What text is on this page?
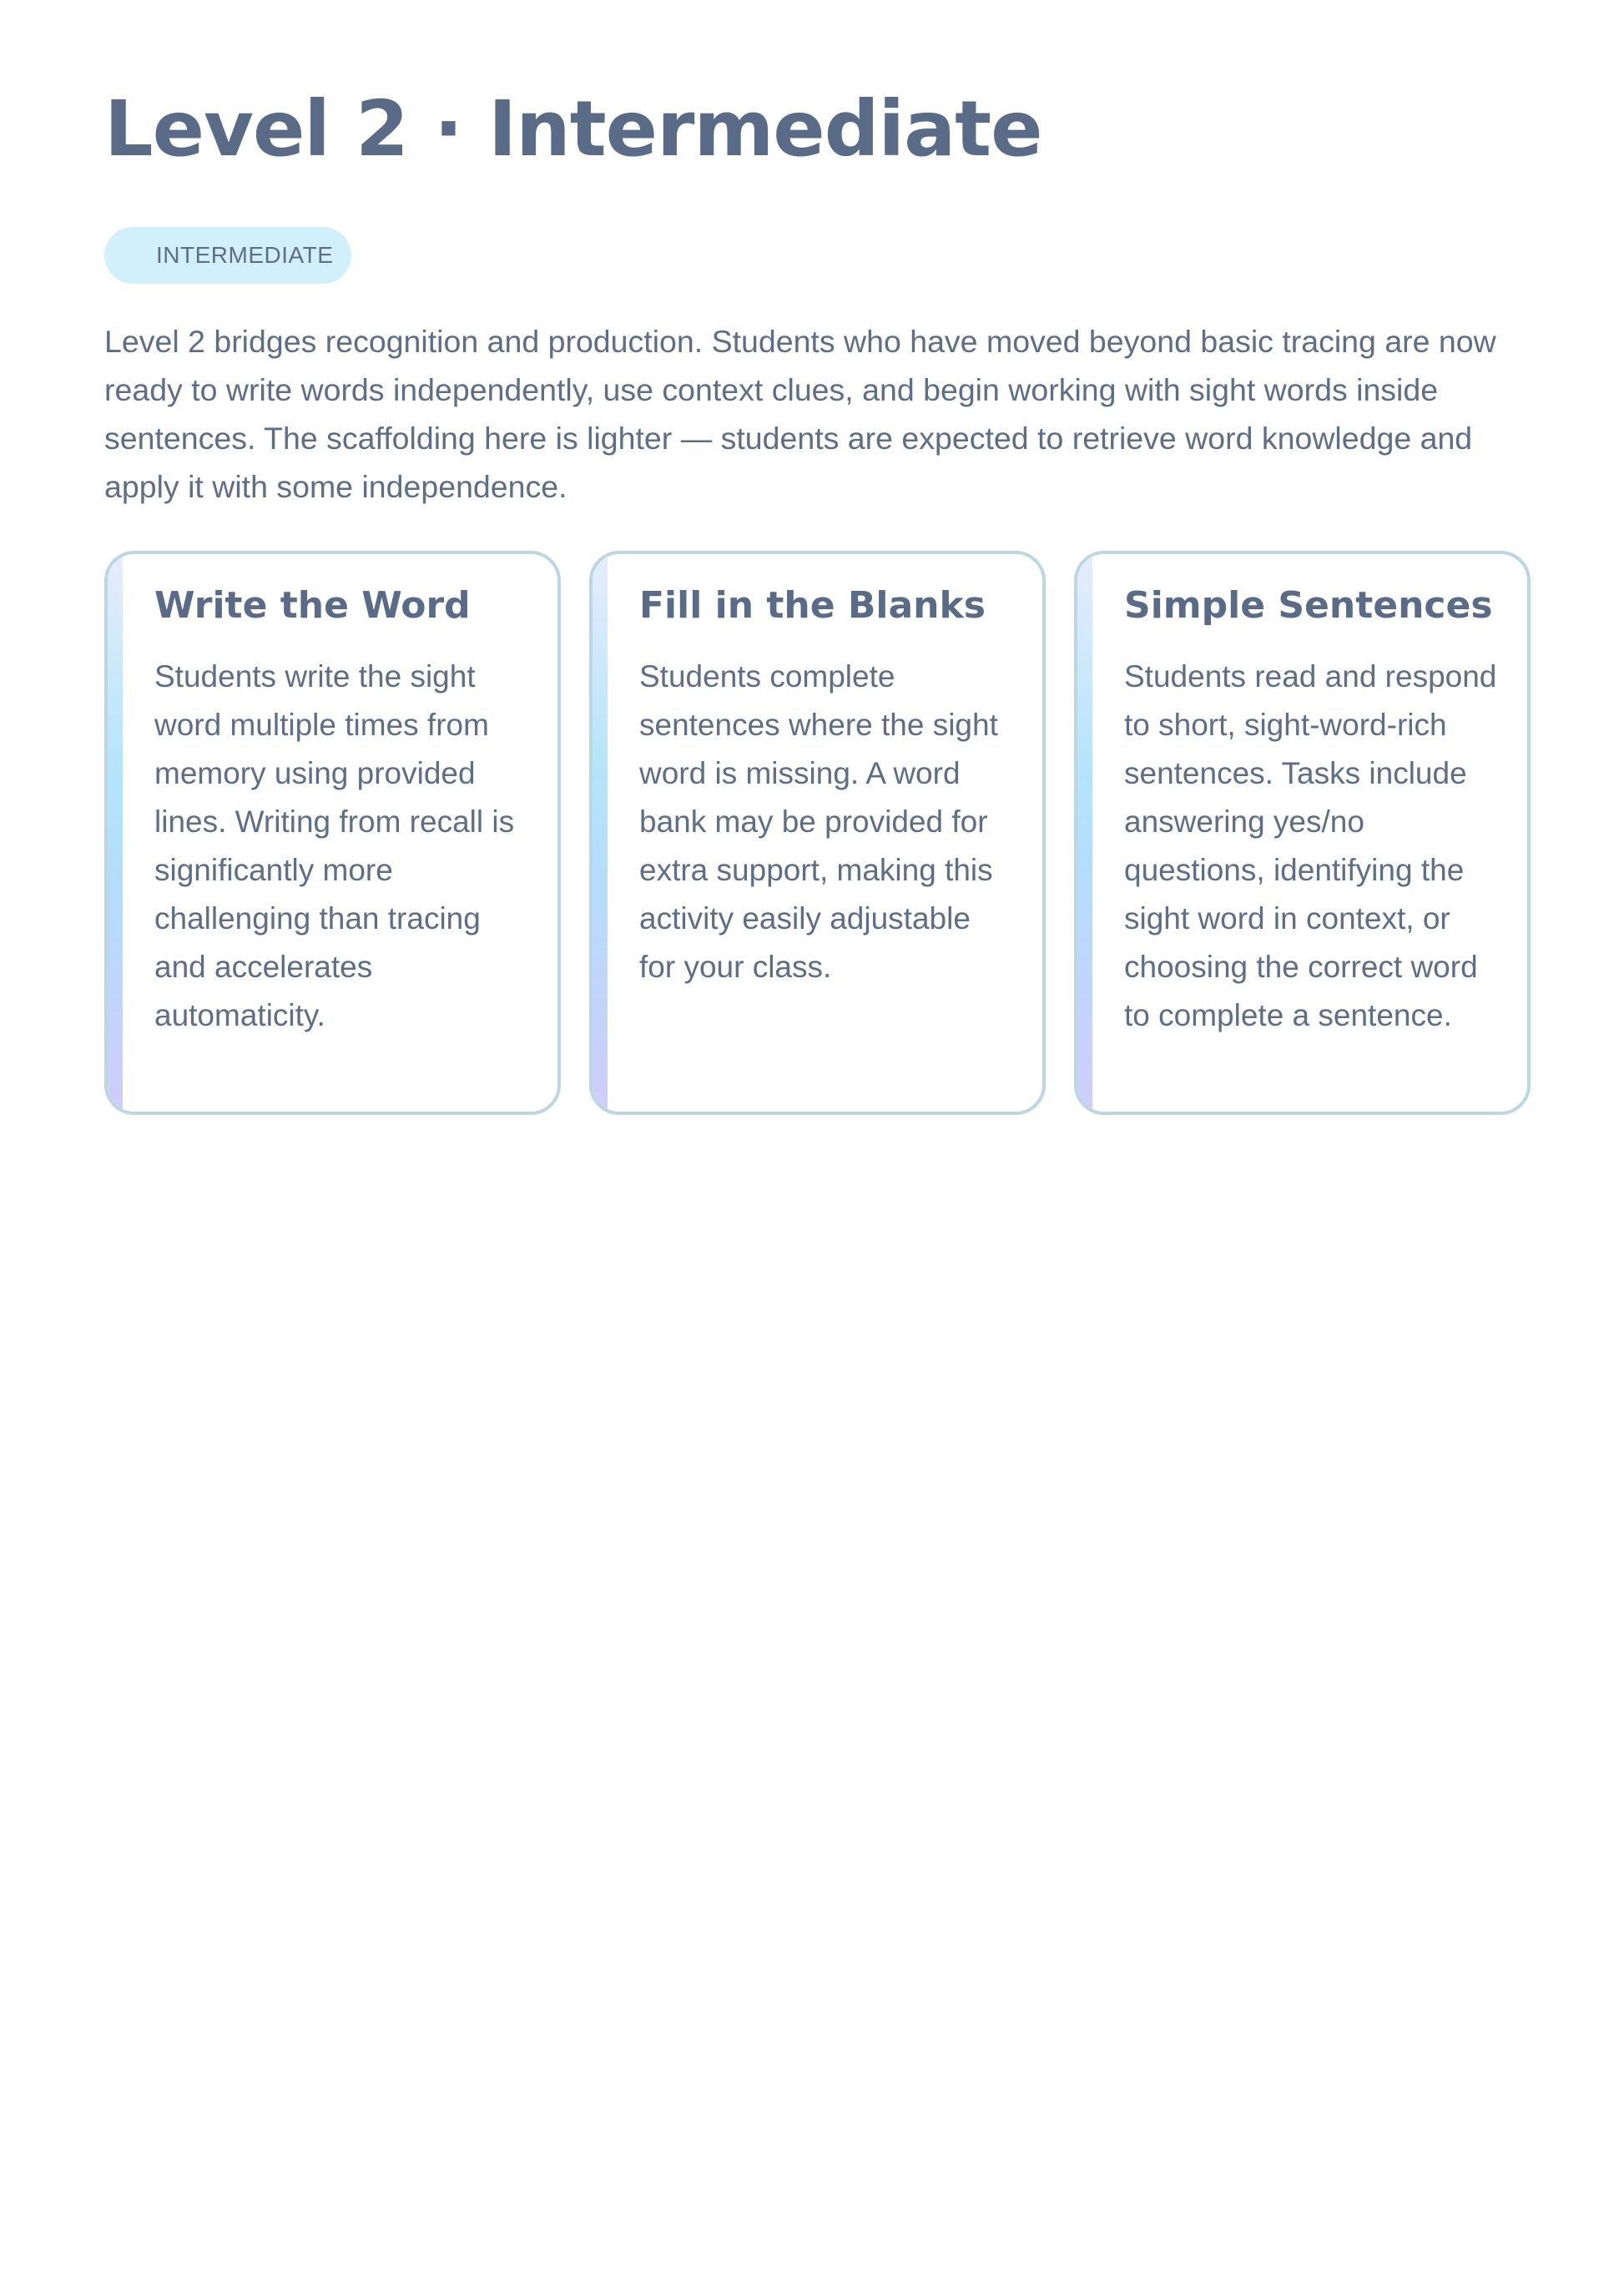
Level 2 · Intermediate
INTERMEDIATE

Level 2 bridges recognition and production. Students who have moved beyond basic tracing are now ready to write words independently, use context clues, and begin working with sight words inside sentences. The scaffolding here is lighter — students are expected to retrieve word knowledge and apply it with some independence.

Write the Word

Students write the sight word multiple times from memory using provided lines. Writing from recall is significantly more challenging than tracing and accelerates automaticity.

Fill in the Blanks

Students complete sentences where the sight word is missing. A word bank may be provided for extra support, making this activity easily adjustable for your class.

Simple Sentences

Students read and respond to short, sight-word-rich sentences. Tasks include answering yes/no questions, identifying the sight word in context, or choosing the correct word to complete a sentence.
